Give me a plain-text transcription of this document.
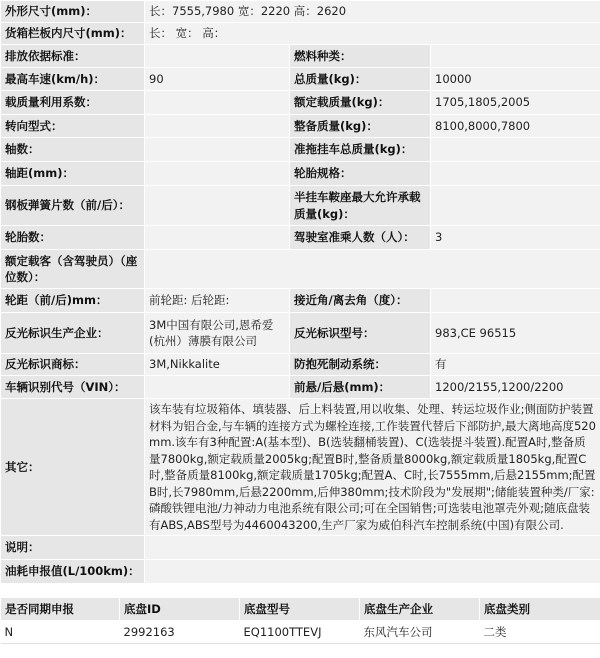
外形尺寸(mm)：	长：7555,7980 宽：2220 高：2620		
货箱栏板内尺寸(mm)：	长： 宽： 高：		
排放依据标准：		燃料种类：	
最高车速(km/h)：	90	总质量(kg)：	10000
载质量利用系数：		额定载质量(kg)：	1705,1805,2005
转向型式：		整备质量(kg)：	8100,8000,7800
轴数：		准拖挂车总质量(kg)：	
轴距(mm)：		轮胎规格：	
钢板弹簧片数（前/后）：		半挂车鞍座最大允许承载质量(kg)：	
轮胎数：		驾驶室准乘人数（人）：	3
额定载客（含驾驶员）（座位数）：			
轮距（前/后)mm：	前轮距: 后轮距:	接近角/离去角（度）：	
反光标识生产企业：	3M中国有限公司,恩希爱(杭州）薄膜有限公司	反光标识型号：	983,CE 96515
反光标识商标：	3M,Nikkalite	防抱死制动系统：	有
车辆识别代号（VIN）：		前悬/后悬(mm)：	1200/2155,1200/2200
其它：	该车装有垃圾箱体、填装器、后上料装置,用以收集、处理、转运垃圾作业;侧面防护装置材料为铝合金,与车辆的连接方式为螺栓连接,工作装置代替后下部防护,最大离地高度520mm.该车有3种配置:A(基本型)、B(选装翻桶装置)、C(选装提斗装置).配置A时,整备质量7800kg,额定载质量2005kg;配置B时,整备质量8000kg,额定载质量1805kg,配置C时,整备质量8100kg,额定载质量1705kg;配置A、C时,长7555mm,后悬2155mm;配置B时,长7980mm,后悬2200mm,后伸380mm;技术阶段为"发展期";储能装置种类/厂家:磷酸铁锂电池/力神动力电池系统有限公司;可在全国销售;可选装电池罩壳外观;随底盘装有ABS,ABS型号为4460043200,生产厂家为威伯科汽车控制系统(中国)有限公司.		
说明：			
油耗申报值(L/100km)：			
是否同期申报	底盘ID	底盘型号	底盘生产企业	底盘类别
N	2992163	EQ1100TTEVJ	东风汽车公司	二类
